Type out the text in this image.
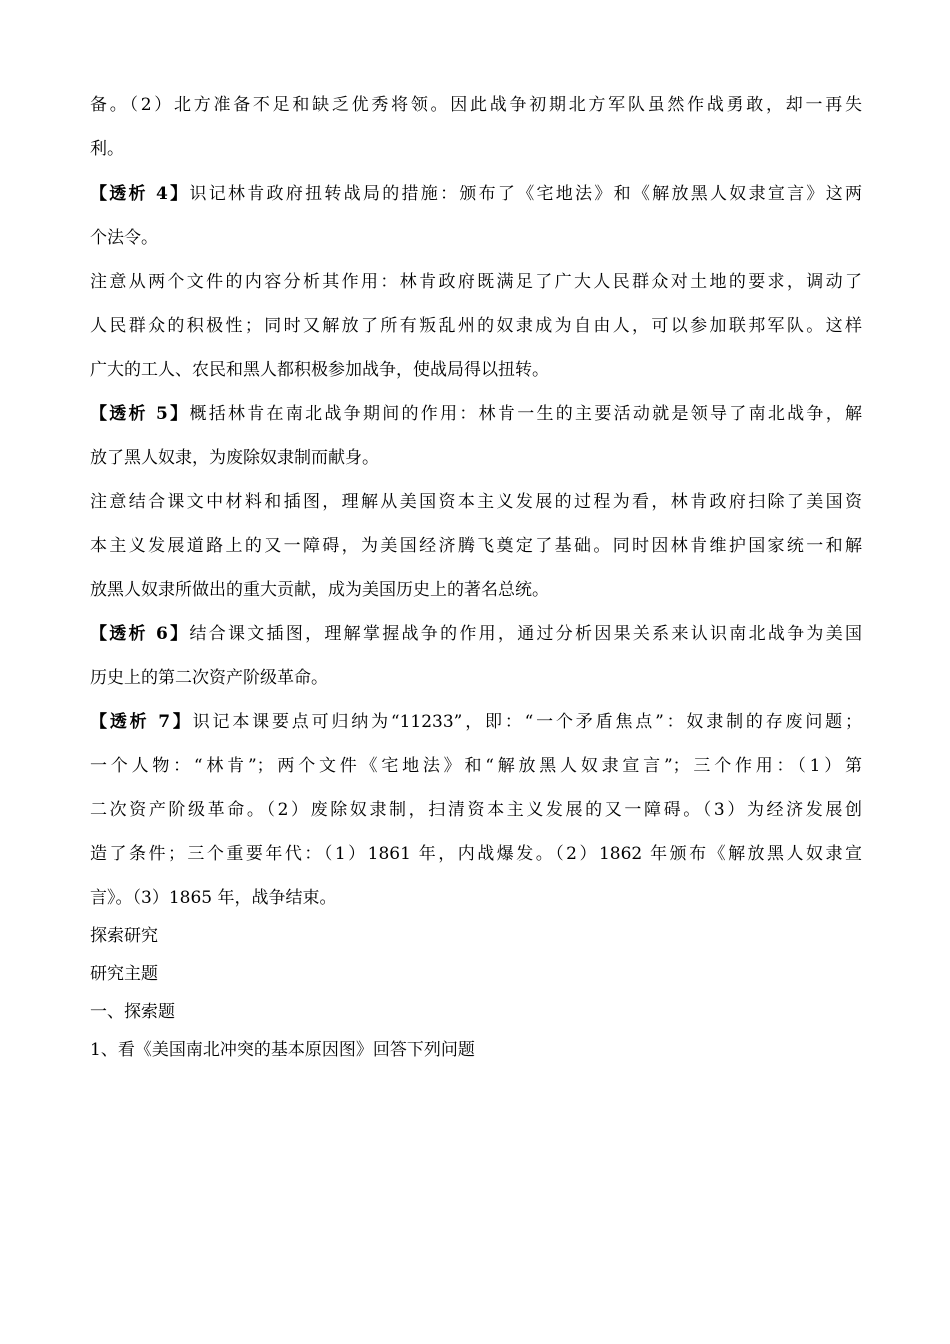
备。（2）北方准备不足和缺乏优秀将领。因此战争初期北方军队虽然作战勇敢，却一再失
利。
【透析 4】识记林肯政府扭转战局的措施：颁布了《宅地法》和《解放黑人奴隶宣言》这两
个法令。
注意从两个文件的内容分析其作用：林肯政府既满足了广大人民群众对土地的要求，调动了
人民群众的积极性；同时又解放了所有叛乱州的奴隶成为自由人，可以参加联邦军队。这样
广大的工人、农民和黑人都积极参加战争，使战局得以扭转。
【透析 5】概括林肯在南北战争期间的作用：林肯一生的主要活动就是领导了南北战争，解
放了黑人奴隶，为废除奴隶制而献身。
注意结合课文中材料和插图，理解从美国资本主义发展的过程为看，林肯政府扫除了美国资
本主义发展道路上的又一障碍，为美国经济腾飞奠定了基础。同时因林肯维护国家统一和解
放黑人奴隶所做出的重大贡献，成为美国历史上的著名总统。
【透析 6】结合课文插图，理解掌握战争的作用，通过分析因果关系来认识南北战争为美国
历史上的第二次资产阶级革命。
【透析 7】识记本课要点可归纳为“11233”，即：“一个矛盾焦点”：奴隶制的存废问题；
一个人物：“林肯”；两个文件《宅地法》和“解放黑人奴隶宣言”；三个作用：（1）第
二次资产阶级革命。（2）废除奴隶制，扫清资本主义发展的又一障碍。（3）为经济发展创
造了条件；三个重要年代：（1）1861 年，内战爆发。（2）1862 年颁布《解放黑人奴隶宣
言》。（3）1865 年，战争结束。
探索研究
研究主题
一、探索题
1、看《美国南北冲突的基本原因图》回答下列问题
